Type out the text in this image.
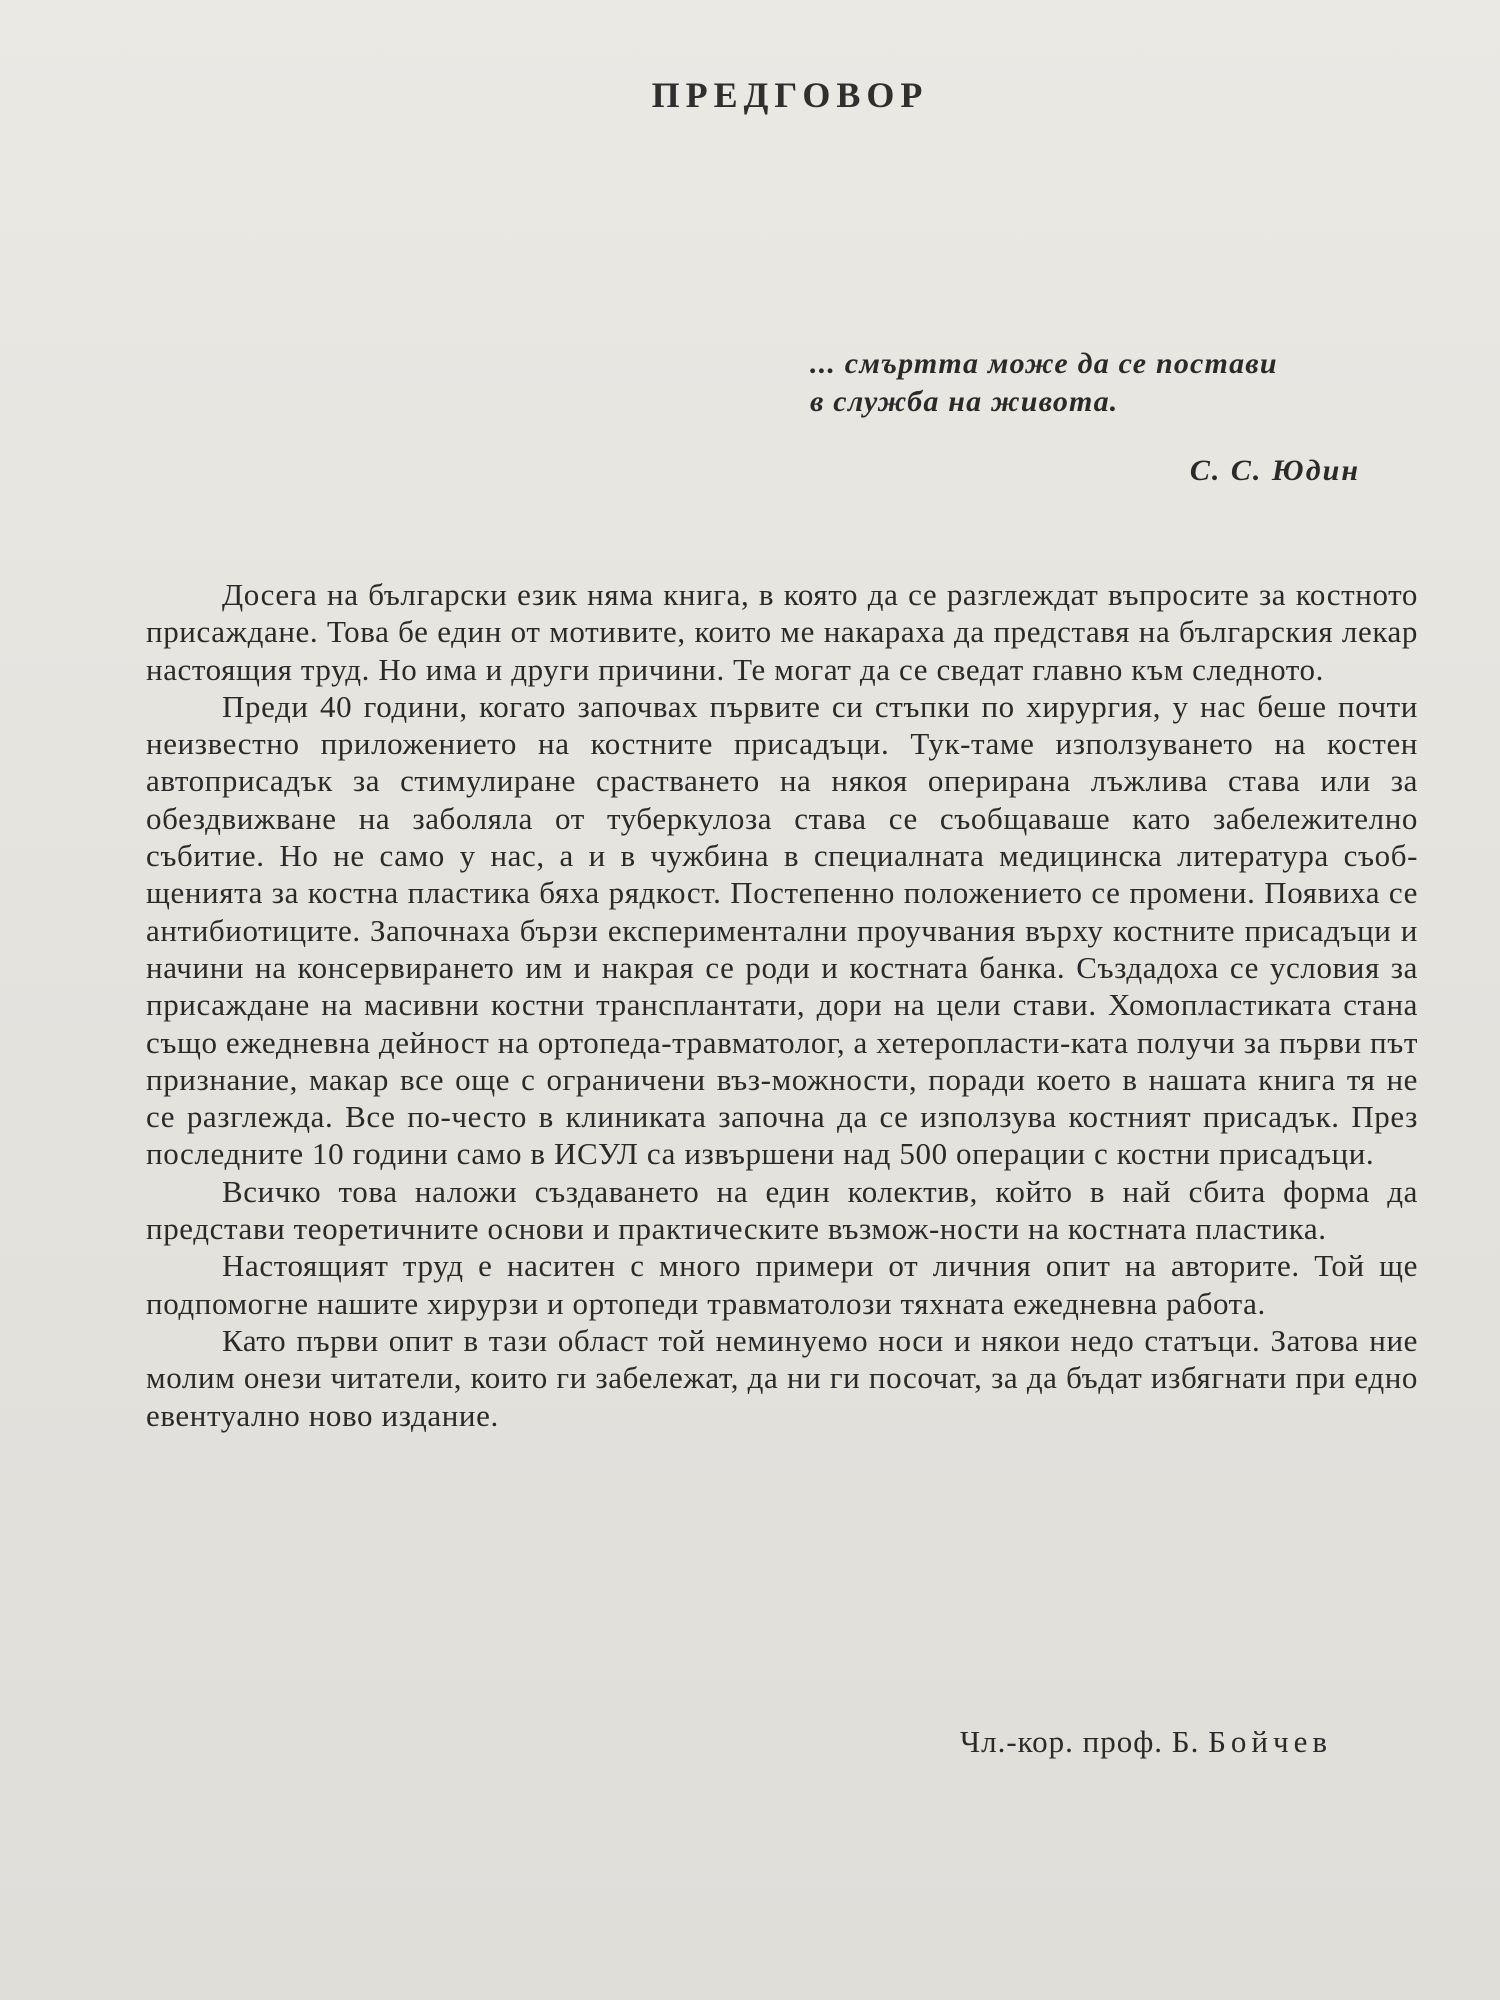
ПРЕДГОВОР
... смъртта може да се постави
в служба на живота.
С. С. Юдин

Досега на български език няма книга, в която да се разглеждат въпросите за костното присаждане. Това бе един от мотивите, които ме накараха да представя на българския лекар настоящия труд. Но има и други причини. Те могат да се сведат главно към следното.

Преди 40 години, когато започвах първите си стъпки по хирургия, у нас беше почти неизвестно приложението на костните присадъци. Тук-таме използуването на костен автоприсадък за стимулиране срастването на някоя оперирана лъжлива става или за обездвижване на заболяла от туберкулоза става се съобщаваше като забележително събитие. Но не само у нас, а и в чужбина в специалната медицинска литература съоб-щенията за костна пластика бяха рядкост. Постепенно положението се промени. Появиха се антибиотиците. Започнаха бързи експериментални проучвания върху костните присадъци и начини на консервирането им и накрая се роди и костната банка. Създадоха се условия за присаждане на масивни костни трансплантати, дори на цели стави. Хомопластиката стана също ежедневна дейност на ортопеда-травматолог, а хетеропласти-ката получи за първи път признание, макар все още с ограничени въз-можности, поради което в нашата книга тя не се разглежда. Все по-често в клиниката започна да се използува костният присадък. През последните 10 години само в ИСУЛ са извършени над 500 операции с костни присадъци.

Всичко това наложи създаването на един колектив, който в най сбита форма да представи теоретичните основи и практическите възмож-ности на костната пластика.

Настоящият труд е наситен с много примери от личния опит на авторите. Той ще подпомогне нашите хирурзи и ортопеди травматолози тяхната ежедневна работа.

Като първи опит в тази област той неминуемо носи и някои недо статъци. Затова ние молим онези читатели, които ги забележат, да ни ги посочат, за да бъдат избягнати при едно евентуално ново издание.

Чл.-кор. проф. Б. Бойчев
